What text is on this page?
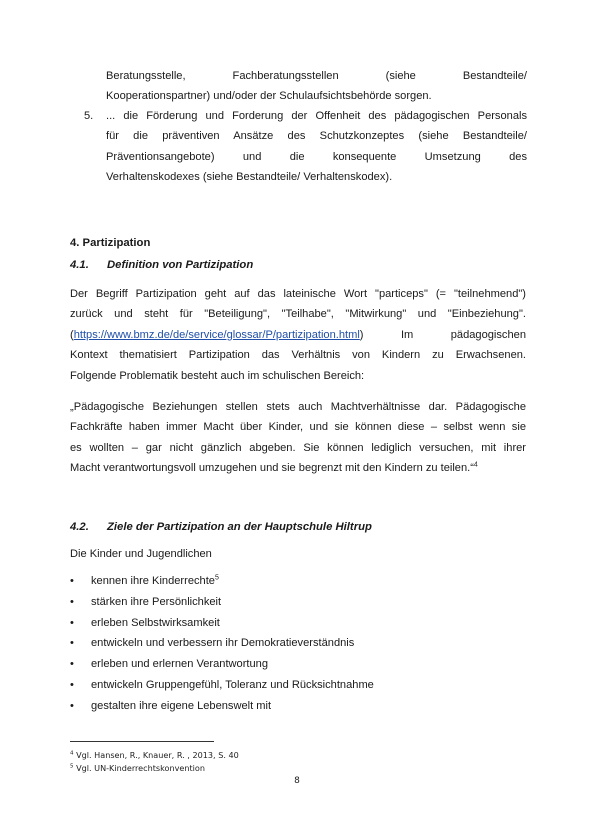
Beratungsstelle, Fachberatungsstellen (siehe Bestandteile/
Kooperationspartner) und/oder der Schulaufsichtsbehörde sorgen.
5.	... die Förderung und Forderung der Offenheit des pädagogischen Personals
für die präventiven Ansätze des Schutzkonzeptes (siehe Bestandteile/
Präventionsangebote) und die konsequente Umsetzung des
Verhaltenskodexes (siehe Bestandteile/ Verhaltenskodex).
4. Partizipation
4.1. Definition von Partizipation
Der Begriff Partizipation geht auf das lateinische Wort "particeps" (= "teilnehmend")
zurück und steht für "Beteiligung", "Teilhabe", "Mitwirkung" und "Einbeziehung".
(https://www.bmz.de/de/service/glossar/P/partizipation.html) Im pädagogischen
Kontext thematisiert Partizipation das Verhältnis von Kindern zu Erwachsenen.
Folgende Problematik besteht auch im schulischen Bereich:
„Pädagogische Beziehungen stellen stets auch Machtverhältnisse dar. Pädagogische
Fachkräfte haben immer Macht über Kinder, und sie können diese – selbst wenn sie
es wollten – gar nicht gänzlich abgeben. Sie können lediglich versuchen, mit ihrer
Macht verantwortungsvoll umzugehen und sie begrenzt mit den Kindern zu teilen.“$^4$
4.2. Ziele der Partizipation an der Hauptschule Hiltrup
Die Kinder und Jugendlichen
• kennen ihre Kinderrechte$^5$
• stärken ihre Persönlichkeit
• erleben Selbstwirksamkeit
• entwickeln und verbessern ihr Demokratieverständnis
• erleben und erlernen Verantwortung
• entwickeln Gruppengefühl, Toleranz und Rücksichtnahme
• gestalten ihre eigene Lebenswelt mit
$^4$ Vgl. Hansen, R., Knauer, R. , 2013, S. 40
$^5$ Vgl. UN-Kinderrechtskonvention
8
